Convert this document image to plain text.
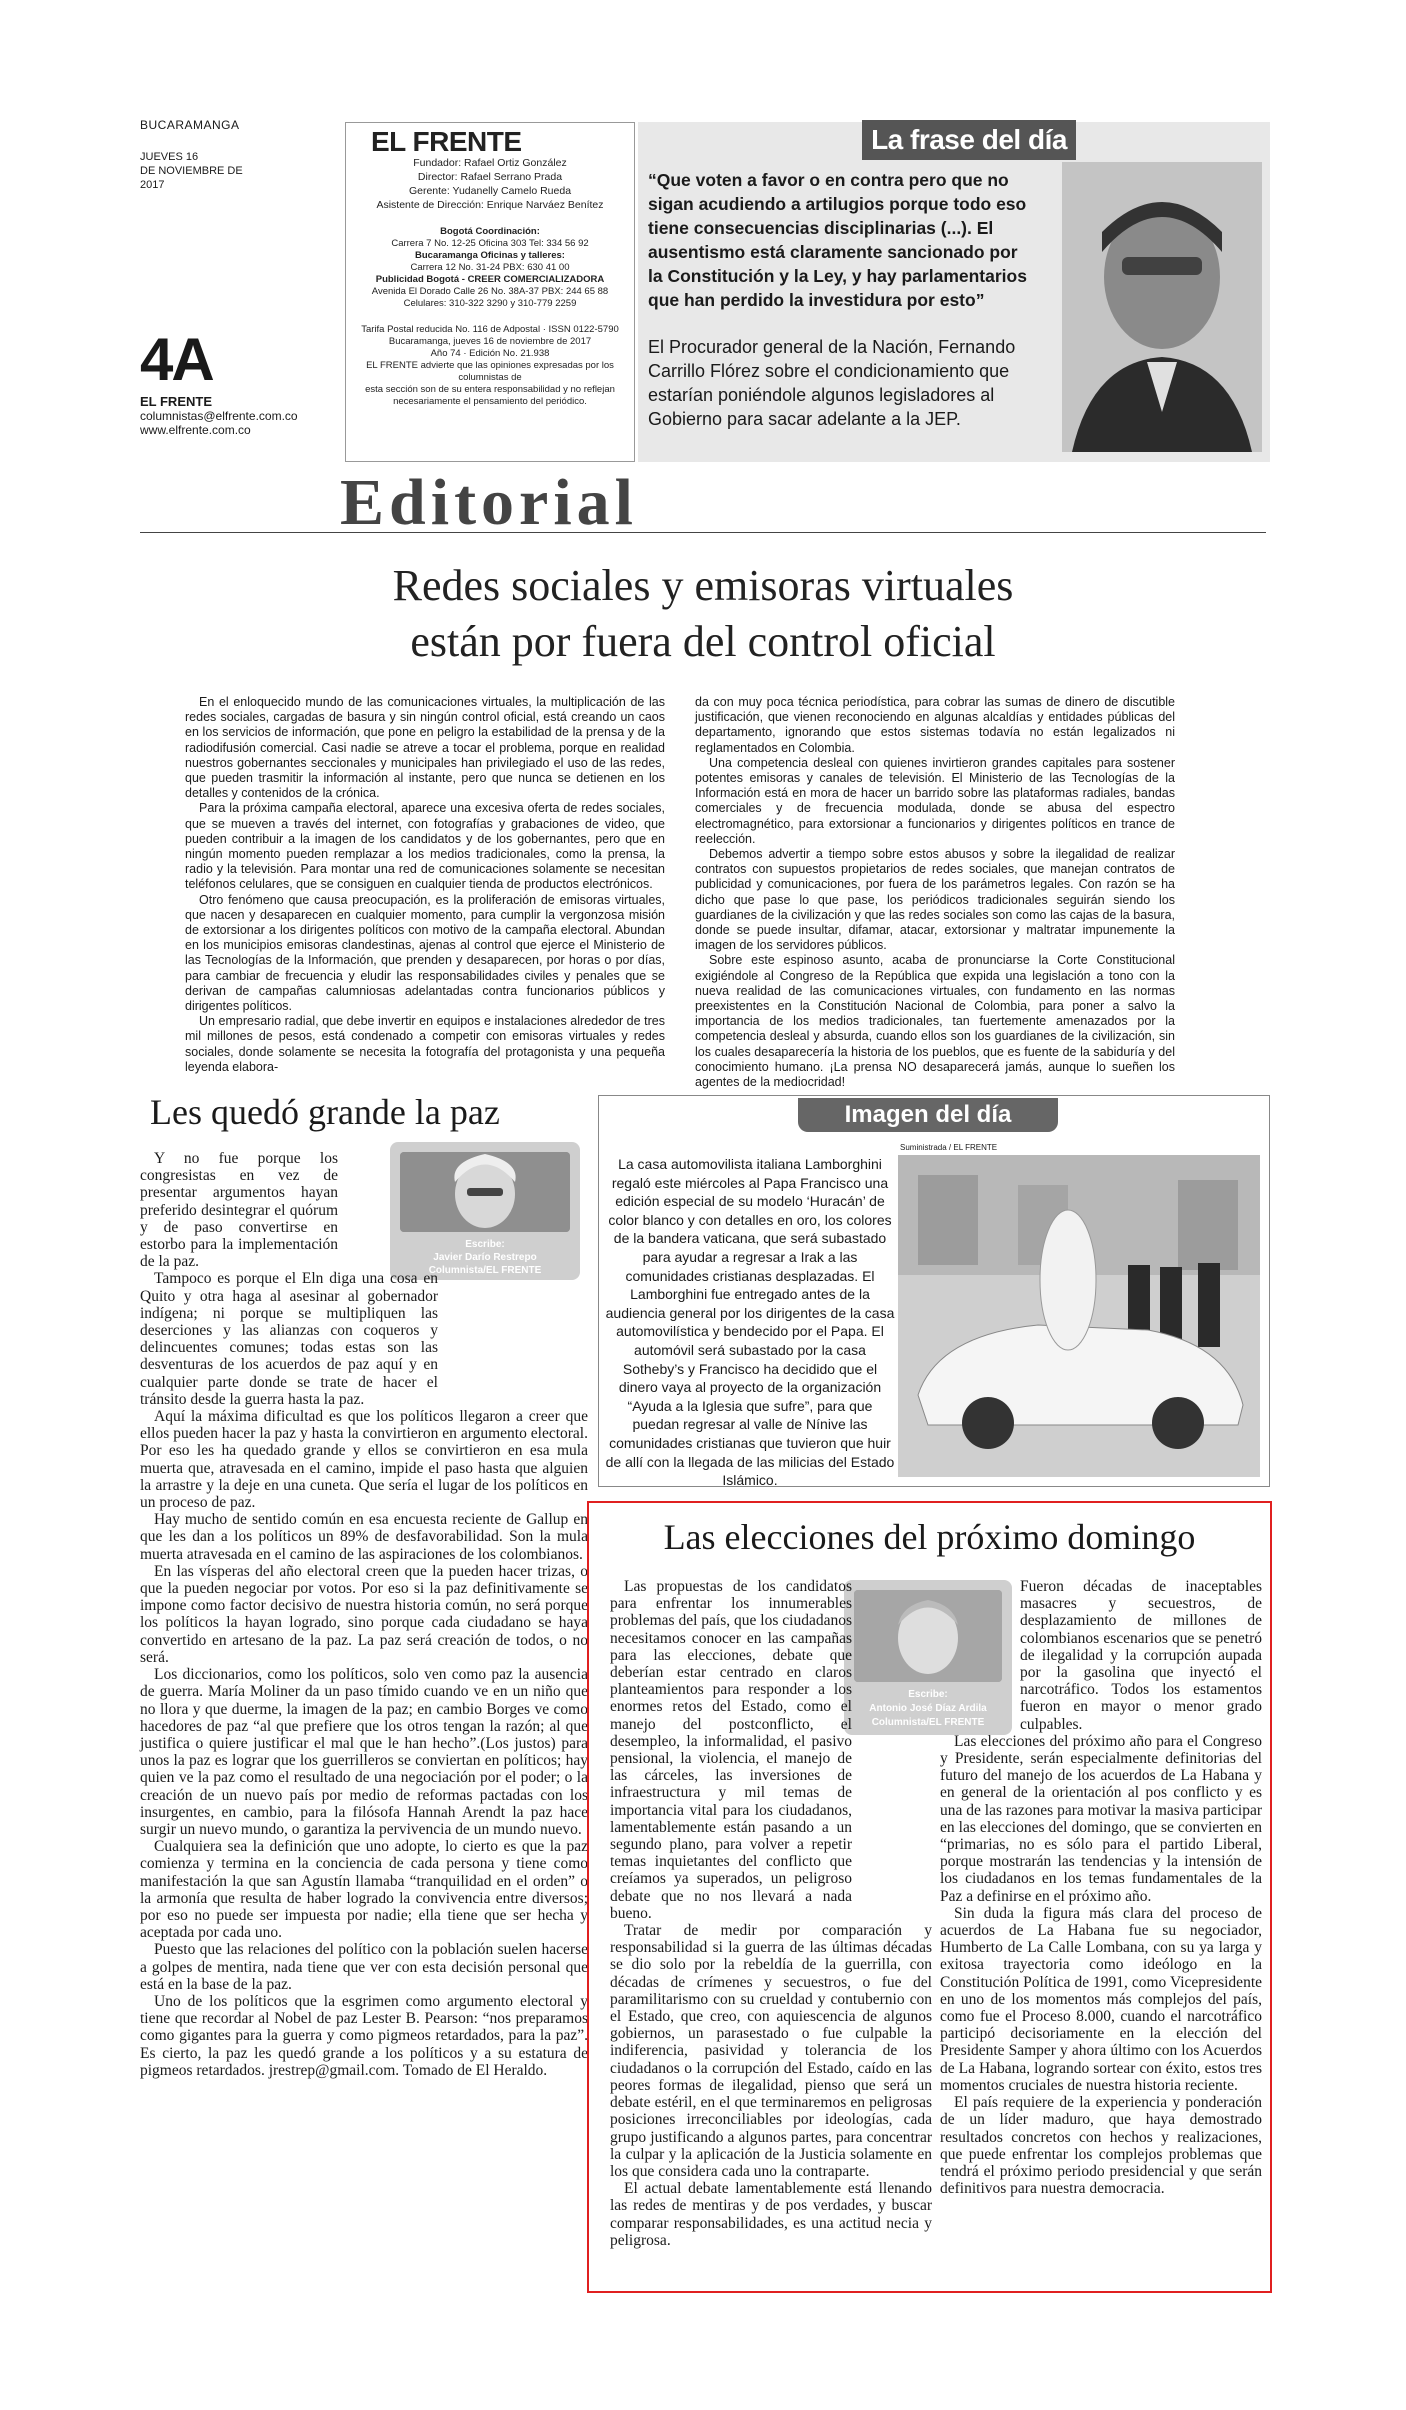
BUCARAMANGA
JUEVES 16
DE NOVIEMBRE DE 2017
4A
EL FRENTE
columnistas@elfrente.com.co
www.elfrente.com.co
EL FRENTE
Fundador: Rafael Ortiz González
Director: Rafael Serrano Prada
Gerente: Yudanelly Camelo Rueda
Asistente de Dirección: Enrique Narváez Benítez
Bogotá Coordinación:
Carrera 7 No. 12-25 Oficina 303 Tel: 334 56 92
Bucaramanga Oficinas y talleres:
Carrera 12 No. 31-24 PBX: 630 41 00
Publicidad Bogotá - CREER COMERCIALIZADORA
Avenida El Dorado Calle 26 No. 38A-37 PBX: 244 65 88
Celulares: 310-322 3290 y 310-779 2259
Tarifa Postal reducida No. 116 de Adpostal · ISSN 0122-5790
Bucaramanga, jueves 16 de noviembre de 2017
Año 74 · Edición No. 21.938
EL FRENTE advierte que las opiniones expresadas por los columnistas de
esta sección son de su entera responsabilidad y no reflejan
necesariamente el pensamiento del periódico.
La frase del día
“Que voten a favor o en contra pero que no sigan acudiendo a artilugios porque todo eso tiene consecuencias disciplinarias (...). El ausentismo está claramente sancionado por la Constitución y la Ley, y hay parlamentarios que han perdido la investidura por esto”
El Procurador general de la Nación, Fernando Carrillo Flórez sobre el condicionamiento que estarían poniéndole algunos legisladores al Gobierno para sacar adelante a la JEP.
Editorial
Redes sociales y emisoras virtuales
están por fuera del control oficial

En el enloquecido mundo de las comunicaciones virtuales, la multiplicación de las redes sociales, cargadas de basura y sin ningún control oficial, está creando un caos en los servicios de información, que pone en peligro la estabilidad de la prensa y de la radiodifusión comercial. Casi nadie se atreve a tocar el problema, porque en realidad nuestros gobernantes seccionales y municipales han privilegiado el uso de las redes, que pueden trasmitir la información al instante, pero que nunca se detienen en los detalles y contenidos de la crónica.

Para la próxima campaña electoral, aparece una excesiva oferta de redes sociales, que se mueven a través del internet, con fotografías y grabaciones de video, que pueden contribuir a la imagen de los candidatos y de los gobernantes, pero que en ningún momento pueden remplazar a los medios tradicionales, como la prensa, la radio y la televisión. Para montar una red de comunicaciones solamente se necesitan teléfonos celulares, que se consiguen en cualquier tienda de productos electrónicos.

Otro fenómeno que causa preocupación, es la proliferación de emisoras virtuales, que nacen y desaparecen en cualquier momento, para cumplir la vergonzosa misión de extorsionar a los dirigentes políticos con motivo de la campaña electoral. Abundan en los municipios emisoras clandestinas, ajenas al control que ejerce el Ministerio de las Tecnologías de la Información, que prenden y desaparecen, por horas o por días, para cambiar de frecuencia y eludir las responsabilidades civiles y penales que se derivan de campañas calumniosas adelantadas contra funcionarios públicos y dirigentes políticos.

Un empresario radial, que debe invertir en equipos e instalaciones alrededor de tres mil millones de pesos, está condenado a competir con emisoras virtuales y redes sociales, donde solamente se necesita la fotografía del protagonista y una pequeña leyenda elabora-

da con muy poca técnica periodística, para cobrar las sumas de dinero de discutible justificación, que vienen reconociendo en algunas alcaldías y entidades públicas del departamento, ignorando que estos sistemas todavía no están legalizados ni reglamentados en Colombia.

Una competencia desleal con quienes invirtieron grandes capitales para sostener potentes emisoras y canales de televisión. El Ministerio de las Tecnologías de la Información está en mora de hacer un barrido sobre las plataformas radiales, bandas comerciales y de frecuencia modulada, donde se abusa del espectro electromagnético, para extorsionar a funcionarios y dirigentes políticos en trance de reelección.

Debemos advertir a tiempo sobre estos abusos y sobre la ilegalidad de realizar contratos con supuestos propietarios de redes sociales, que manejan contratos de publicidad y comunicaciones, por fuera de los parámetros legales. Con razón se ha dicho que pase lo que pase, los periódicos tradicionales seguirán siendo los guardianes de la civilización y que las redes sociales son como las cajas de la basura, donde se puede insultar, difamar, atacar, extorsionar y maltratar impunemente la imagen de los servidores públicos.

Sobre este espinoso asunto, acaba de pronunciarse la Corte Constitucional exigiéndole al Congreso de la República que expida una legislación a tono con la nueva realidad de las comunicaciones virtuales, con fundamento en las normas preexistentes en la Constitución Nacional de Colombia, para poner a salvo la importancia de los medios tradicionales, tan fuertemente amenazados por la competencia desleal y absurda, cuando ellos son los guardianes de la civilización, sin los cuales desaparecería la historia de los pueblos, que es fuente de la sabiduría y del conocimiento humano. ¡La prensa NO desaparecerá jamás, aunque lo sueñen los agentes de la mediocridad!

Les quedó grande la paz
Escribe:
Javier Darío Restrepo
Columnista/EL FRENTE

Y no fue porque los congresistas en vez de presentar argumentos hayan preferido desintegrar el quórum y de paso convertirse en estorbo para la implementación de la paz.

Tampoco es porque el Eln diga una cosa en Quito y otra haga al asesinar al gobernador indígena; ni porque se multipliquen las deserciones y las alianzas con coqueros y delincuentes comunes; todas estas son las desventuras de los acuerdos de paz aquí y en cualquier parte donde se trate de hacer el tránsito desde la guerra hasta la paz.

Aquí la máxima dificultad es que los políticos llegaron a creer que ellos pueden hacer la paz y hasta la convirtieron en argumento electoral. Por eso les ha quedado grande y ellos se convirtieron en esa mula muerta que, atravesada en el camino, impide el paso hasta que alguien la arrastre y la deje en una cuneta. Que sería el lugar de los políticos en un proceso de paz.

Hay mucho de sentido común en esa encuesta reciente de Gallup en que les dan a los políticos un 89% de desfavorabilidad. Son la mula muerta atravesada en el camino de las aspiraciones de los colombianos.

En las vísperas del año electoral creen que la pueden hacer trizas, o que la pueden negociar por votos. Por eso si la paz definitivamente se impone como factor decisivo de nuestra historia común, no será porque los políticos la hayan logrado, sino porque cada ciudadano se haya convertido en artesano de la paz. La paz será creación de todos, o no será.

Los diccionarios, como los políticos, solo ven como paz la ausencia de guerra. María Moliner da un paso tímido cuando ve en un niño que no llora y que duerme, la imagen de la paz; en cambio Borges ve como hacedores de paz “al que prefiere que los otros tengan la razón; al que justifica o quiere justificar el mal que le han hecho”.(Los justos) para unos la paz es lograr que los guerrilleros se conviertan en políticos; hay quien ve la paz como el resultado de una negociación por el poder; o la creación de un nuevo país por medio de reformas pactadas con los insurgentes, en cambio, para la filósofa Hannah Arendt la paz hace surgir un nuevo mundo, o garantiza la pervivencia de un mundo nuevo.

Cualquiera sea la definición que uno adopte, lo cierto es que la paz comienza y termina en la conciencia de cada persona y tiene como manifestación la que san Agustín llamaba “tranquilidad en el orden” o la armonía que resulta de haber logrado la convivencia entre diversos; por eso no puede ser impuesta por nadie; ella tiene que ser hecha y aceptada por cada uno.

Puesto que las relaciones del político con la población suelen hacerse a golpes de mentira, nada tiene que ver con esta decisión personal que está en la base de la paz.

Uno de los políticos que la esgrimen como argumento electoral y tiene que recordar al Nobel de paz Lester B. Pearson: “nos preparamos como gigantes para la guerra y como pigmeos retardados, para la paz”. Es cierto, la paz les quedó grande a los políticos y a su estatura de pigmeos retardados. jrestrep@gmail.com. Tomado de El Heraldo.

Imagen del día
Suministrada / EL FRENTE
La casa automovilista italiana Lamborghini regaló este miércoles al Papa Francisco una edición especial de su modelo ‘Huracán’ de color blanco y con detalles en oro, los colores de la bandera vaticana, que será subastado para ayudar a regresar a Irak a las comunidades cristianas desplazadas. El Lamborghini fue entregado antes de la audiencia general por los dirigentes de la casa automovilística y bendecido por el Papa. El automóvil será subastado por la casa Sotheby’s y Francisco ha decidido que el dinero vaya al proyecto de la organización “Ayuda a la Iglesia que sufre”, para que puedan regresar al valle de Nínive las comunidades cristianas que tuvieron que huir de allí con la llegada de las milicias del Estado Islámico.
Las elecciones del próximo domingo
Escribe:
Antonio José Díaz Ardila
Columnista/EL FRENTE

Las propuestas de los candidatos para enfrentar los innumerables problemas del país, que los ciudadanos necesitamos conocer en las campañas para las elecciones, debate que deberían estar centrado en claros planteamientos para responder a los enormes retos del Estado, como el manejo del postconflicto, el desempleo, la informalidad, el pasivo pensional, la violencia, el manejo de las cárceles, las inversiones de infraestructura y mil temas de importancia vital para los ciudadanos, lamentablemente están pasando a un segundo plano, para volver a repetir temas inquietantes del conflicto que creíamos ya superados, un peligroso debate que no nos llevará a nada bueno.

Tratar de medir por comparación y responsabilidad si la guerra de las últimas décadas se dio solo por la rebeldía de la guerrilla, con décadas de crímenes y secuestros, o fue del paramilitarismo con su crueldad y contubernio con el Estado, que creo, con aquiescencia de algunos gobiernos, un parasestado o fue culpable la indiferencia, pasividad y tolerancia de los ciudadanos o la corrupción del Estado, caído en las peores formas de ilegalidad, pienso que será un debate estéril, en el que terminaremos en peligrosas posiciones irreconciliables por ideologías, cada grupo justificando a algunos partes, para concentrar la culpar y la aplicación de la Justicia solamente en los que considera cada uno la contraparte.

El actual debate lamentablemente está llenando las redes de mentiras y de pos verdades, y buscar comparar responsabilidades, es una actitud necia y peligrosa.

Fueron décadas de inaceptables masacres y secuestros, de desplazamiento de millones de colombianos escenarios que se penetró de ilegalidad y la corrupción aupada por la gasolina que inyectó el narcotráfico. Todos los estamentos fueron en mayor o menor grado culpables.

Las elecciones del próximo año para el Congreso y Presidente, serán especialmente definitorias del futuro del manejo de los acuerdos de La Habana y en general de la orientación al pos conflicto y es una de las razones para motivar la masiva participar en las elecciones del domingo, que se convierten en “primarias, no es sólo para el partido Liberal, porque mostrarán las tendencias y la intensión de los ciudadanos en los temas fundamentales de la Paz a definirse en el próximo año.

Sin duda la figura más clara del proceso de acuerdos de La Habana fue su negociador, Humberto de La Calle Lombana, con su ya larga y exitosa trayectoria como ideólogo en la Constitución Política de 1991, como Vicepresidente en uno de los momentos más complejos del país, como fue el Proceso 8.000, cuando el narcotráfico participó decisoriamente en la elección del Presidente Samper y ahora último con los Acuerdos de La Habana, logrando sortear con éxito, estos tres momentos cruciales de nuestra historia reciente.

El país requiere de la experiencia y ponderación de un líder maduro, que haya demostrado resultados concretos con hechos y realizaciones, que puede enfrentar los complejos problemas que tendrá el próximo periodo presidencial y que serán definitivos para nuestra democracia.
